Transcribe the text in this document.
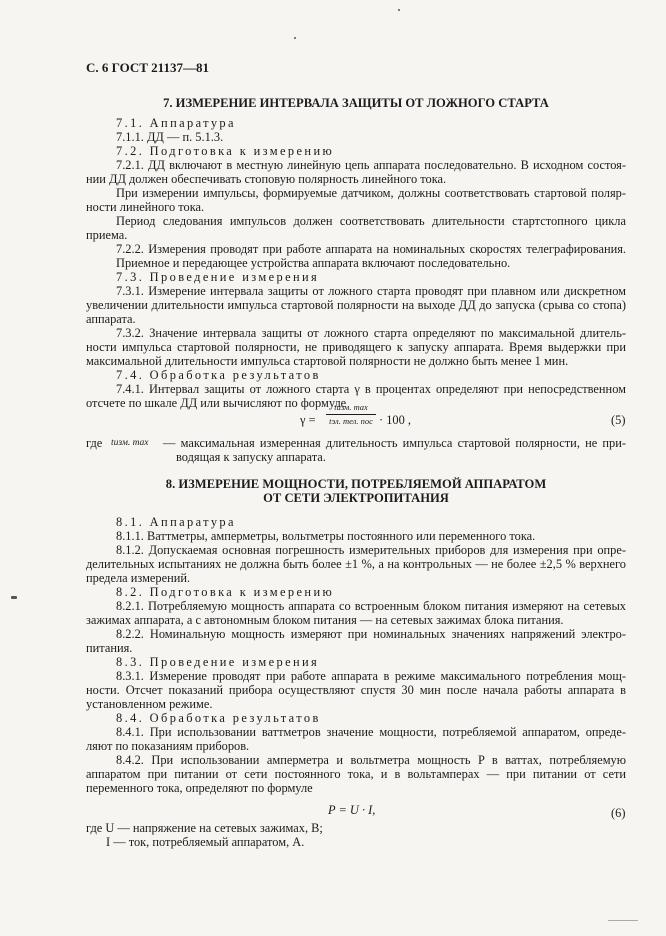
С. 6 ГОСТ 21137—81
7. ИЗМЕРЕНИЕ ИНТЕРВАЛА ЗАЩИТЫ ОТ ЛОЖНОГО СТАРТА
7.1. Аппаратура
7.1.1. ДД — п. 5.1.3.
7.2. Подготовка к измерению
7.2.1. ДД включают в местную линейную цепь аппарата последовательно. В исходном состоя-
нии ДД должен обеспечивать стоповую полярность линейного тока.
При измерении импульсы, формируемые датчиком, должны соответствовать стартовой поляр-
ности линейного тока.
Период следования импульсов должен соответствовать длительности стартстопного цикла
приема.
7.2.2. Измерения проводят при работе аппарата на номинальных скоростях телеграфирования.
Приемное и передающее устройства аппарата включают последовательно.
7.3. Проведение измерения
7.3.1. Измерение интервала защиты от ложного старта проводят при плавном или дискретном
увеличении длительности импульса стартовой полярности на выходе ДД до запуска (срыва со стопа)
аппарата.
7.3.2. Значение интервала защиты от ложного старта определяют по максимальной длитель-
ности импульса стартовой полярности, не приводящего к запуску аппарата. Время выдержки при
максимальной длительности импульса стартовой полярности не должно быть менее 1 мин.
7.4. Обработка результатов
7.4.1. Интервал защиты от ложного старта γ в процентах определяют при непосредственном
отсчете по шкале ДД или вычисляют по формуле
γ =
tизм. max
tэл. тел. пос · 100 ,	(5)
где tизм. max — максимальная измеренная длительность импульса стартовой полярности, не при-
водящая к запуску аппарата.
8. ИЗМЕРЕНИЕ МОЩНОСТИ, ПОТРЕБЛЯЕМОЙ АППАРАТОМ
ОТ СЕТИ ЭЛЕКТРОПИТАНИЯ
8.1. Аппаратура
8.1.1. Ваттметры, амперметры, вольтметры постоянного или переменного тока.
8.1.2. Допускаемая основная погрешность измерительных приборов для измерения при опре-
делительных испытаниях не должна быть более ±1 %, а на контрольных — не более ±2,5 % верхнего
предела измерений.
8.2. Подготовка к измерению
8.2.1. Потребляемую мощность аппарата со встроенным блоком питания измеряют на сетевых
зажимах аппарата, а с автономным блоком питания — на сетевых зажимах блока питания.
8.2.2. Номинальную мощность измеряют при номинальных значениях напряжений электро-
питания.
8.3. Проведение измерения
8.3.1. Измерение проводят при работе аппарата в режиме максимального потребления мощ-
ности. Отсчет показаний прибора осуществляют спустя 30 мин после начала работы аппарата в
установленном режиме.
8.4. Обработка результатов
8.4.1. При использовании ваттметров значение мощности, потребляемой аппаратом, опреде-
ляют по показаниям приборов.
8.4.2. При использовании амперметра и вольтметра мощность P в ваттах, потребляемую
аппаратом при питании от сети постоянного тока, и в вольтамперах — при питании от сети
переменного тока, определяют по формуле
P = U · I,	(6)
где U — напряжение на сетевых зажимах, В;
I — ток, потребляемый аппаратом, А.
